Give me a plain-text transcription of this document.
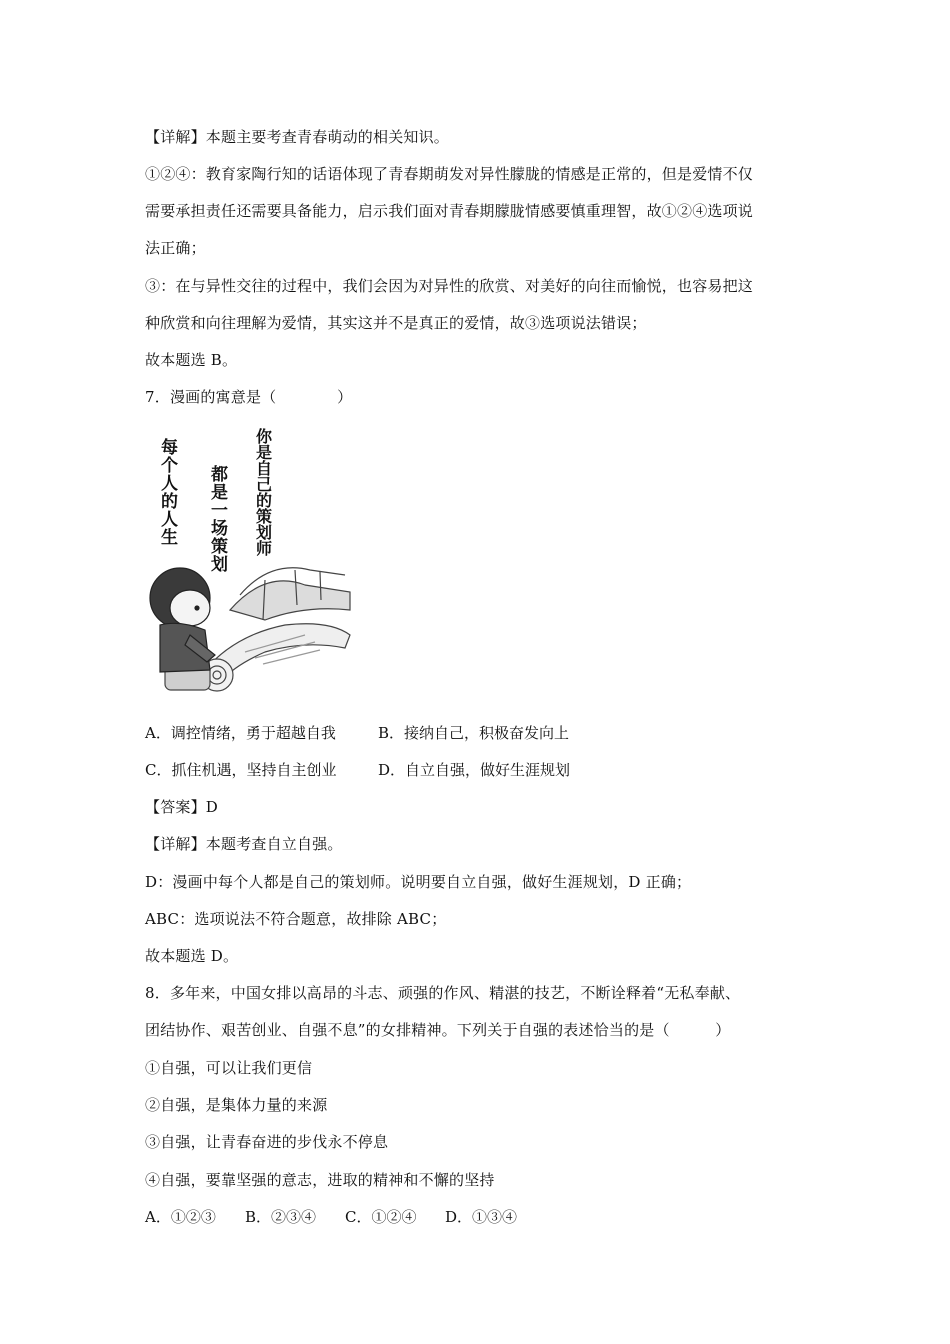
【详解】本题主要考查青春萌动的相关知识。
①②④：教育家陶行知的话语体现了青春期萌发对异性朦胧的情感是正常的，但是爱情不仅
需要承担责任还需要具备能力，启示我们面对青春期朦胧情感要慎重理智，故①②④选项说
法正确；
③：在与异性交往的过程中，我们会因为对异性的欣赏、对美好的向往而愉悦，也容易把这
种欣赏和向往理解为爱情，其实这并不是真正的爱情，故③选项说法错误；
故本题选 B。
7．漫画的寓意是（　　　　）
每个人的人生 都是一场策划 你是自己的策划师
A．调控情绪，勇于超越自我	B．接纳自己，积极奋发向上
C．抓住机遇，坚持自主创业	D．自立自强，做好生涯规划
【答案】D
【详解】本题考查自立自强。
D：漫画中每个人都是自己的策划师。说明要自立自强，做好生涯规划，D 正确；
ABC：选项说法不符合题意，故排除 ABC；
故本题选 D。
8．多年来，中国女排以高昂的斗志、顽强的作风、精湛的技艺，不断诠释着“无私奉献、
团结协作、艰苦创业、自强不息”的女排精神。下列关于自强的表述恰当的是（　　　）
①自强，可以让我们更信
②自强，是集体力量的来源
③自强，让青春奋进的步伐永不停息
④自强，要靠坚强的意志，进取的精神和不懈的坚持
A．①②③ B．②③④ C．①②④ D．①③④
